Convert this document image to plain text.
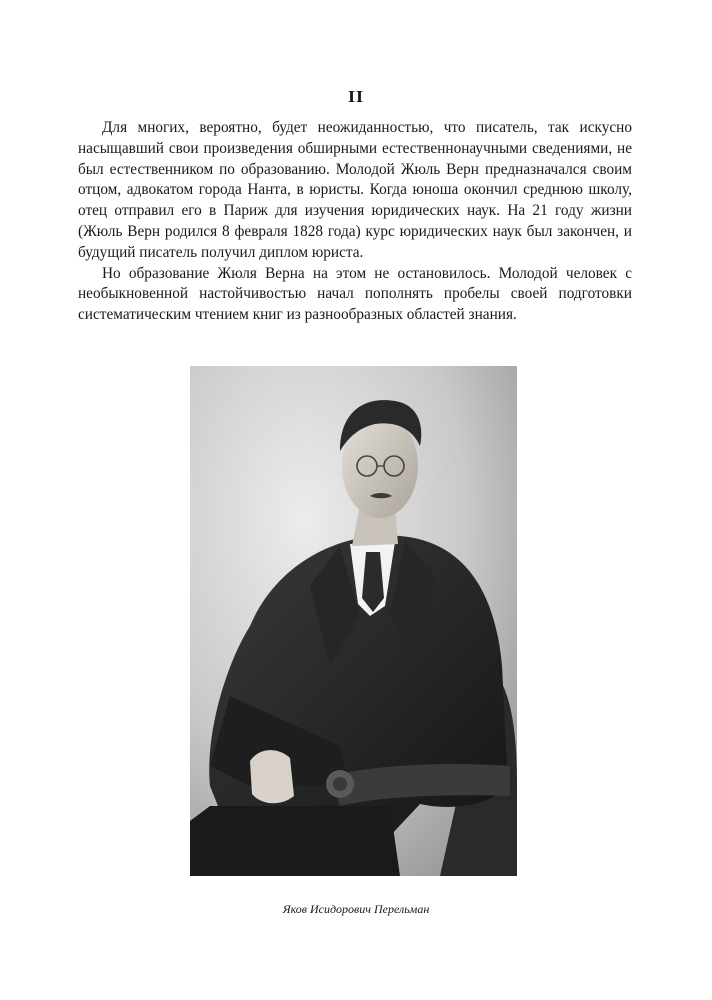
II

Для многих, вероятно, будет неожиданностью, что писатель, так искусно насыщавший свои произведения обширными естественнонаучными сведениями, не был естественником по образованию. Молодой Жюль Верн предназначался своим отцом, адвокатом города Нанта, в юристы. Когда юноша окончил среднюю школу, отец отправил его в Париж для изучения юридических наук. На 21 году жизни (Жюль Верн родился 8 февраля 1828 года) курс юридических наук был закончен, и будущий писатель получил диплом юриста.

Но образование Жюля Верна на этом не остановилось. Молодой человек с необыкновенной настойчивостью начал пополнять пробелы своей подготовки систематическим чтением книг из разнообразных областей знания.

Яков Исидорович Перельман
